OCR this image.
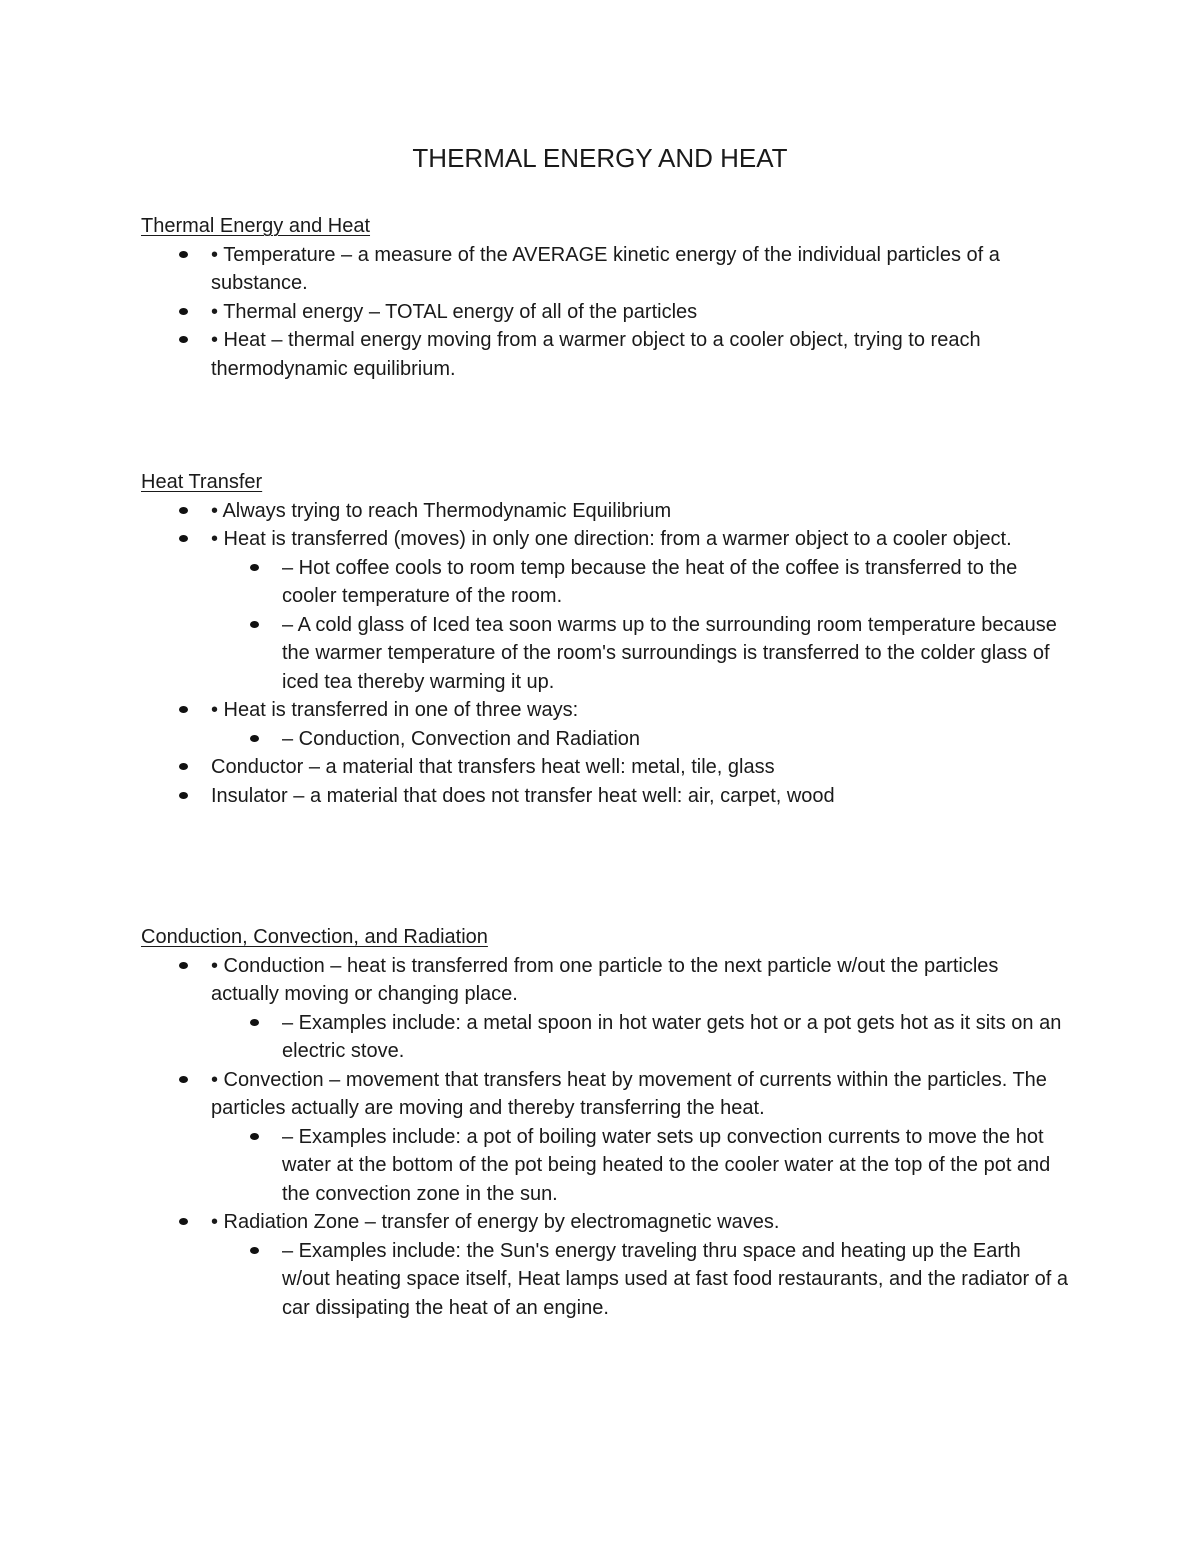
THERMAL ENERGY AND HEAT
Thermal Energy and Heat
• Temperature – a measure of the AVERAGE kinetic energy of the individual particles of a substance.
• Thermal energy – TOTAL energy of all of the particles
• Heat – thermal energy moving from a warmer object to a cooler object, trying to reach thermodynamic equilibrium.
Heat Transfer
• Always trying to reach Thermodynamic Equilibrium
• Heat is transferred (moves) in only one direction: from a warmer object to a cooler object.
– Hot coffee cools to room temp because the heat of the coffee is transferred to the cooler temperature of the room.
– A cold glass of Iced tea soon warms up to the surrounding room temperature because the warmer temperature of the room's surroundings is transferred to the colder glass of iced tea thereby warming it up.
• Heat is transferred in one of three ways:
– Conduction, Convection and Radiation
Conductor – a material that transfers heat well: metal, tile, glass
Insulator – a material that does not transfer heat well: air, carpet, wood
Conduction, Convection, and Radiation
• Conduction – heat is transferred from one particle to the next particle w/out the particles actually moving or changing place.
– Examples include: a metal spoon in hot water gets hot or a pot gets hot as it sits on an electric stove.
• Convection – movement that transfers heat by movement of currents within the particles. The particles actually are moving and thereby transferring the heat.
– Examples include: a pot of boiling water sets up convection currents to move the hot water at the bottom of the pot being heated to the cooler water at the top of the pot and the convection zone in the sun.
• Radiation Zone – transfer of energy by electromagnetic waves.
– Examples include: the Sun's energy traveling thru space and heating up the Earth w/out heating space itself, Heat lamps used at fast food restaurants, and the radiator of a car dissipating the heat of an engine.
